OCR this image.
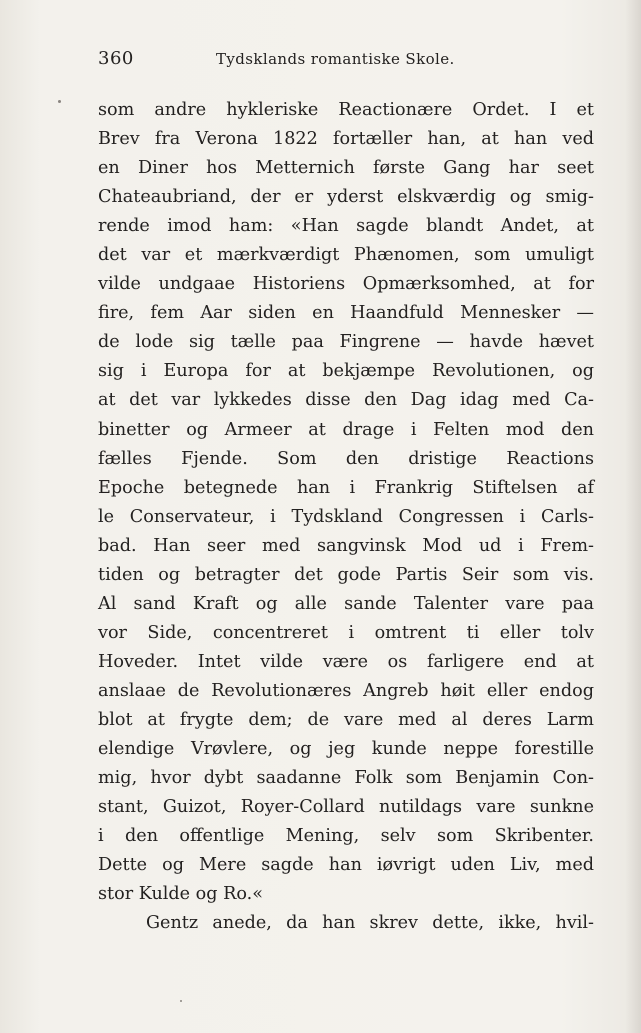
360	Tydsklands romantiske Skole.
som andre hykleriske Reactionære Ordet. I et
Brev fra Verona 1822 fortæller han, at han ved
en Diner hos Metternich første Gang har seet
Chateaubriand, der er yderst elskværdig og smig-
rende imod ham: «Han sagde blandt Andet, at
det var et mærkværdigt Phænomen, som umuligt
vilde undgaae Historiens Opmærksomhed, at for
fire, fem Aar siden en Haandfuld Mennesker —
de lode sig tælle paa Fingrene — havde hævet
sig i Europa for at bekjæmpe Revolutionen, og
at det var lykkedes disse den Dag idag med Ca-
binetter og Armeer at drage i Felten mod den
fælles Fjende. Som den dristige Reactions
Epoche betegnede han i Frankrig Stiftelsen af
le Conservateur, i Tydskland Congressen i Carls-
bad. Han seer med sangvinsk Mod ud i Frem-
tiden og betragter det gode Partis Seir som vis.
Al sand Kraft og alle sande Talenter vare paa
vor Side, concentreret i omtrent ti eller tolv
Hoveder. Intet vilde være os farligere end at
anslaae de Revolutionæres Angreb høit eller endog
blot at frygte dem; de vare med al deres Larm
elendige Vrøvlere, og jeg kunde neppe forestille
mig, hvor dybt saadanne Folk som Benjamin Con-
stant, Guizot, Royer-Collard nutildags vare sunkne
i den offentlige Mening, selv som Skribenter.
Dette og Mere sagde han iøvrigt uden Liv, med
stor Kulde og Ro.«
Gentz anede, da han skrev dette, ikke, hvil-
